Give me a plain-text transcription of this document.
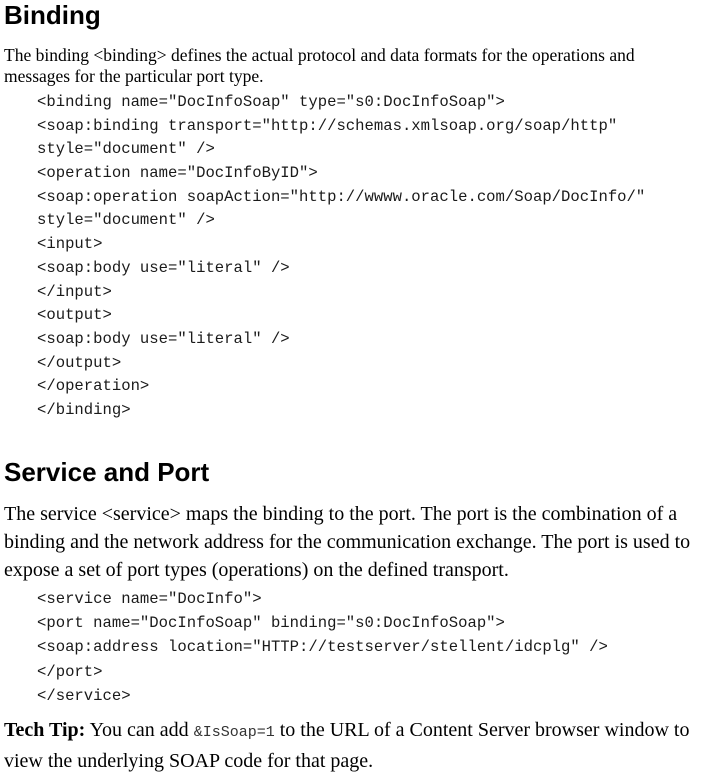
Binding

The binding <binding> defines the actual protocol and data formats for the operations and messages for the particular port type.

<binding name="DocInfoSoap" type="s0:DocInfoSoap">
<soap:binding transport="http://schemas.xmlsoap.org/soap/http"
style="document" />
<operation name="DocInfoByID">
<soap:operation soapAction="http://wwww.oracle.com/Soap/DocInfo/"
style="document" />
<input>
<soap:body use="literal" />
</input>
<output>
<soap:body use="literal" />
</output>
</operation>
</binding>
Service and Port

The service <service> maps the binding to the port. The port is the combination of a binding and the network address for the communication exchange. The port is used to expose a set of port types (operations) on the defined transport.

<service name="DocInfo">
<port name="DocInfoSoap" binding="s0:DocInfoSoap">
<soap:address location="HTTP://testserver/stellent/idcplg" />
</port>
</service>

Tech Tip: You can add &IsSoap=1 to the URL of a Content Server browser window to view the underlying SOAP code for that page.
